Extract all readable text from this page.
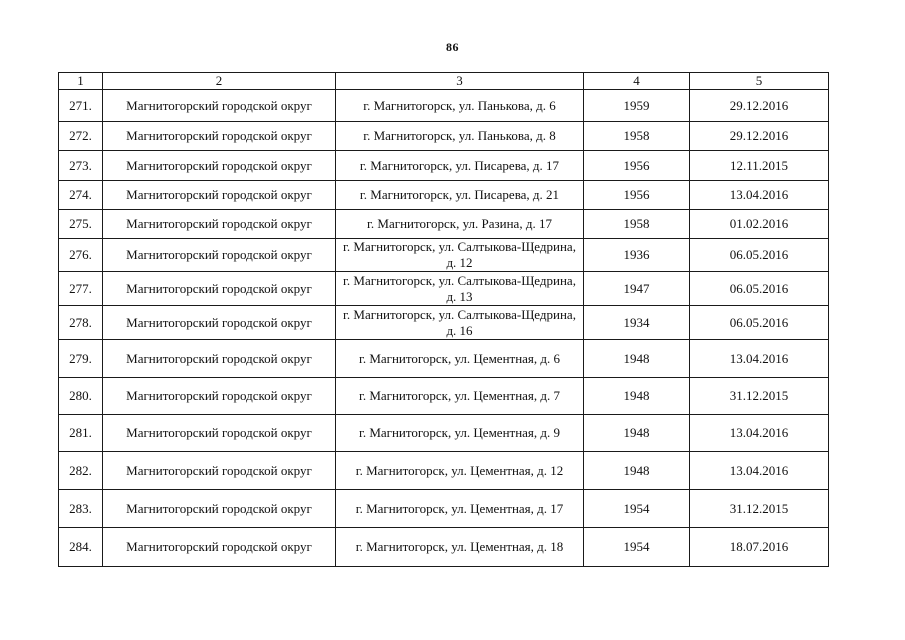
86
1	2	3	4	5
271.	Магнитогорский городской округ	г. Магнитогорск, ул. Панькова, д. 6	1959	29.12.2016
272.	Магнитогорский городской округ	г. Магнитогорск, ул. Панькова, д. 8	1958	29.12.2016
273.	Магнитогорский городской округ	г. Магнитогорск, ул. Писарева, д. 17	1956	12.11.2015
274.	Магнитогорский городской округ	г. Магнитогорск, ул. Писарева, д. 21	1956	13.04.2016
275.	Магнитогорский городской округ	г. Магнитогорск, ул. Разина, д. 17	1958	01.02.2016
276.	Магнитогорский городской округ	г. Магнитогорск, ул. Салтыкова-Щедрина, д. 12	1936	06.05.2016
277.	Магнитогорский городской округ	г. Магнитогорск, ул. Салтыкова-Щедрина, д. 13	1947	06.05.2016
278.	Магнитогорский городской округ	г. Магнитогорск, ул. Салтыкова-Щедрина, д. 16	1934	06.05.2016
279.	Магнитогорский городской округ	г. Магнитогорск, ул. Цементная, д. 6	1948	13.04.2016
280.	Магнитогорский городской округ	г. Магнитогорск, ул. Цементная, д. 7	1948	31.12.2015
281.	Магнитогорский городской округ	г. Магнитогорск, ул. Цементная, д. 9	1948	13.04.2016
282.	Магнитогорский городской округ	г. Магнитогорск, ул. Цементная, д. 12	1948	13.04.2016
283.	Магнитогорский городской округ	г. Магнитогорск, ул. Цементная, д. 17	1954	31.12.2015
284.	Магнитогорский городской округ	г. Магнитогорск, ул. Цементная, д. 18	1954	18.07.2016
